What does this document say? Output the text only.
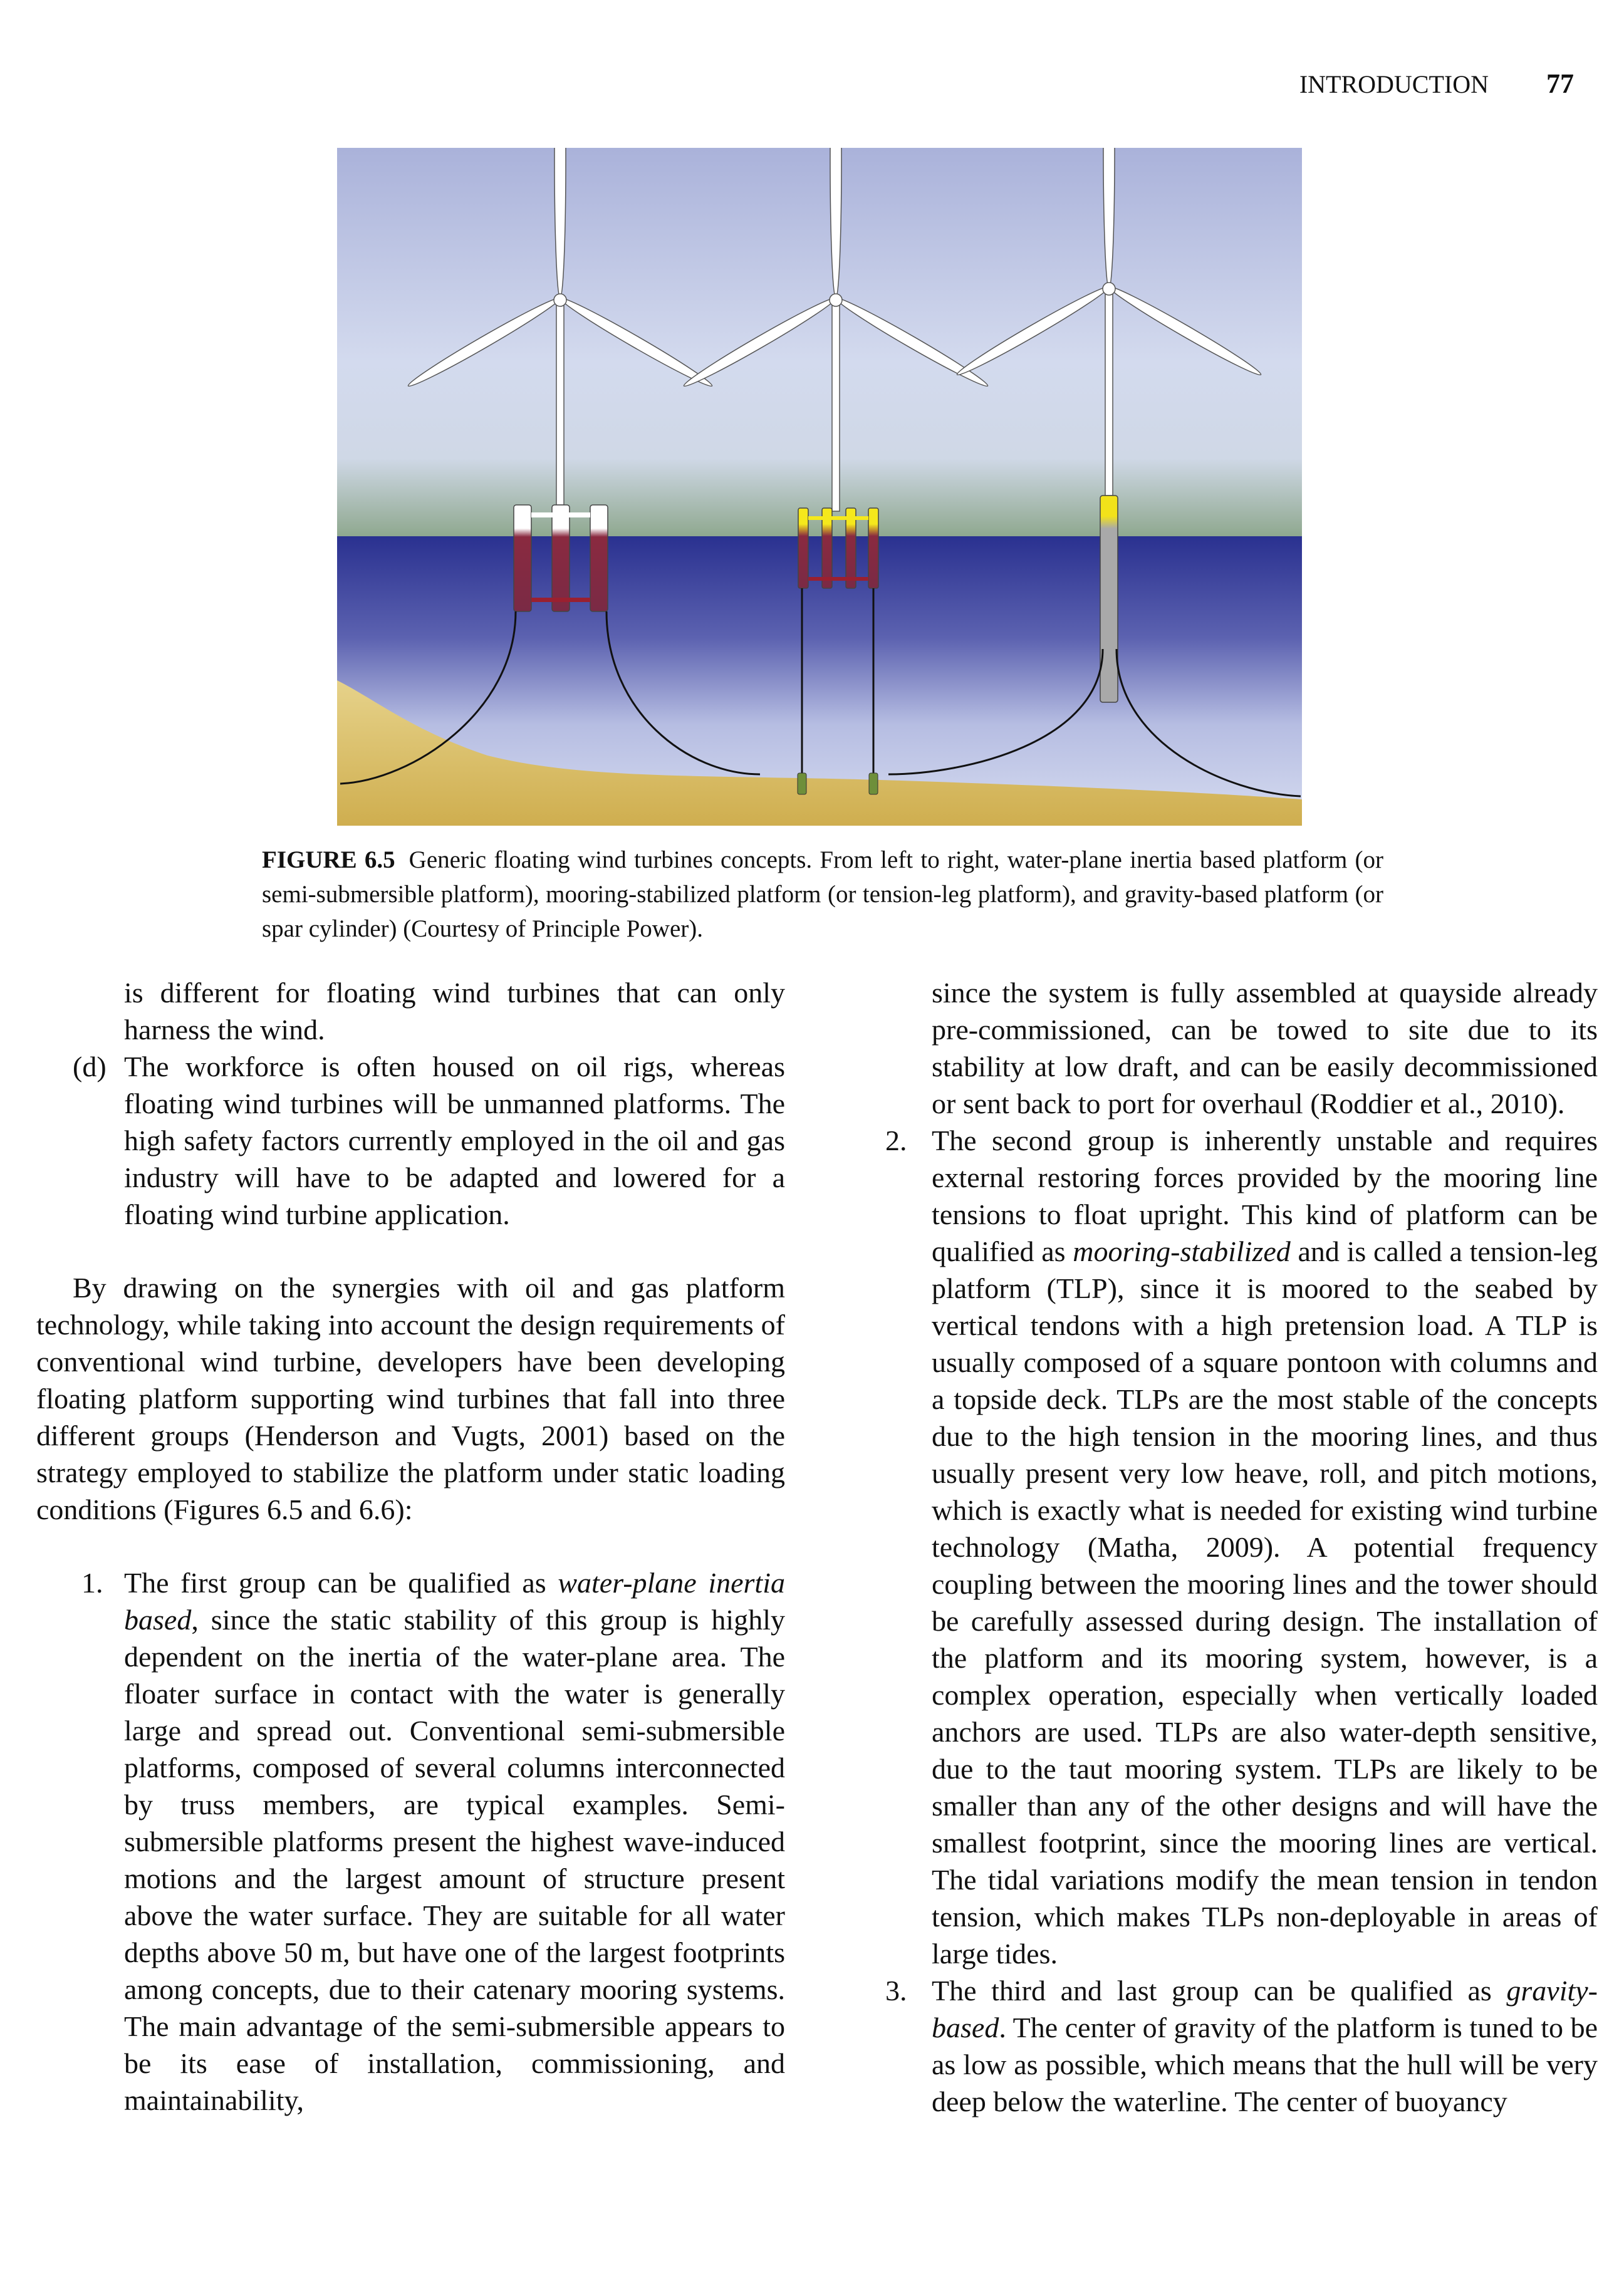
INTRODUCTION 77
FIGURE 6.5 Generic floating wind turbines concepts. From left to right, water-plane inertia based platform (or semi-submersible platform), mooring-stabilized platform (or tension-leg platform), and gravity-based platform (or spar cylinder) (Courtesy of Principle Power).

is different for floating wind turbines that can only harness the wind.

(d) The workforce is often housed on oil rigs, whereas floating wind turbines will be unmanned platforms. The high safety factors currently employed in the oil and gas industry will have to be adapted and lowered for a floating wind turbine application.

By drawing on the synergies with oil and gas platform technology, while taking into account the design requirements of conventional wind turbine, developers have been developing floating platform supporting wind turbines that fall into three different groups (Henderson and Vugts, 2001) based on the strategy employed to stabilize the platform under static loading conditions (Figures 6.5 and 6.6):

1. The first group can be qualified as water-plane inertia based, since the static stability of this group is highly dependent on the inertia of the water-plane area. The floater surface in contact with the water is generally large and spread out. Conventional semi-submersible platforms, composed of several columns interconnected by truss members, are typical examples. Semi-submersible platforms present the highest wave-induced motions and the largest amount of structure present above the water surface. They are suitable for all water depths above 50 m, but have one of the largest footprints among concepts, due to their catenary mooring systems. The main advantage of the semi-submersible appears to be its ease of installation, commissioning, and maintainability,

since the system is fully assembled at quayside already pre-commissioned, can be towed to site due to its stability at low draft, and can be easily decommissioned or sent back to port for overhaul (Roddier et al., 2010).

2. The second group is inherently unstable and requires external restoring forces provided by the mooring line tensions to float upright. This kind of platform can be qualified as mooring-stabilized and is called a tension-leg platform (TLP), since it is moored to the seabed by vertical tendons with a high pretension load. A TLP is usually composed of a square pontoon with columns and a topside deck. TLPs are the most stable of the concepts due to the high tension in the mooring lines, and thus usually present very low heave, roll, and pitch motions, which is exactly what is needed for existing wind turbine technology (Matha, 2009). A potential frequency coupling between the mooring lines and the tower should be carefully assessed during design. The installation of the platform and its mooring system, however, is a complex operation, especially when vertically loaded anchors are used. TLPs are also water-depth sensitive, due to the taut mooring system. TLPs are likely to be smaller than any of the other designs and will have the smallest footprint, since the mooring lines are vertical. The tidal variations modify the mean tension in tendon tension, which makes TLPs non-deployable in areas of large tides.

3. The third and last group can be qualified as gravity-based. The center of gravity of the platform is tuned to be as low as possible, which means that the hull will be very deep below the waterline. The center of buoyancy
